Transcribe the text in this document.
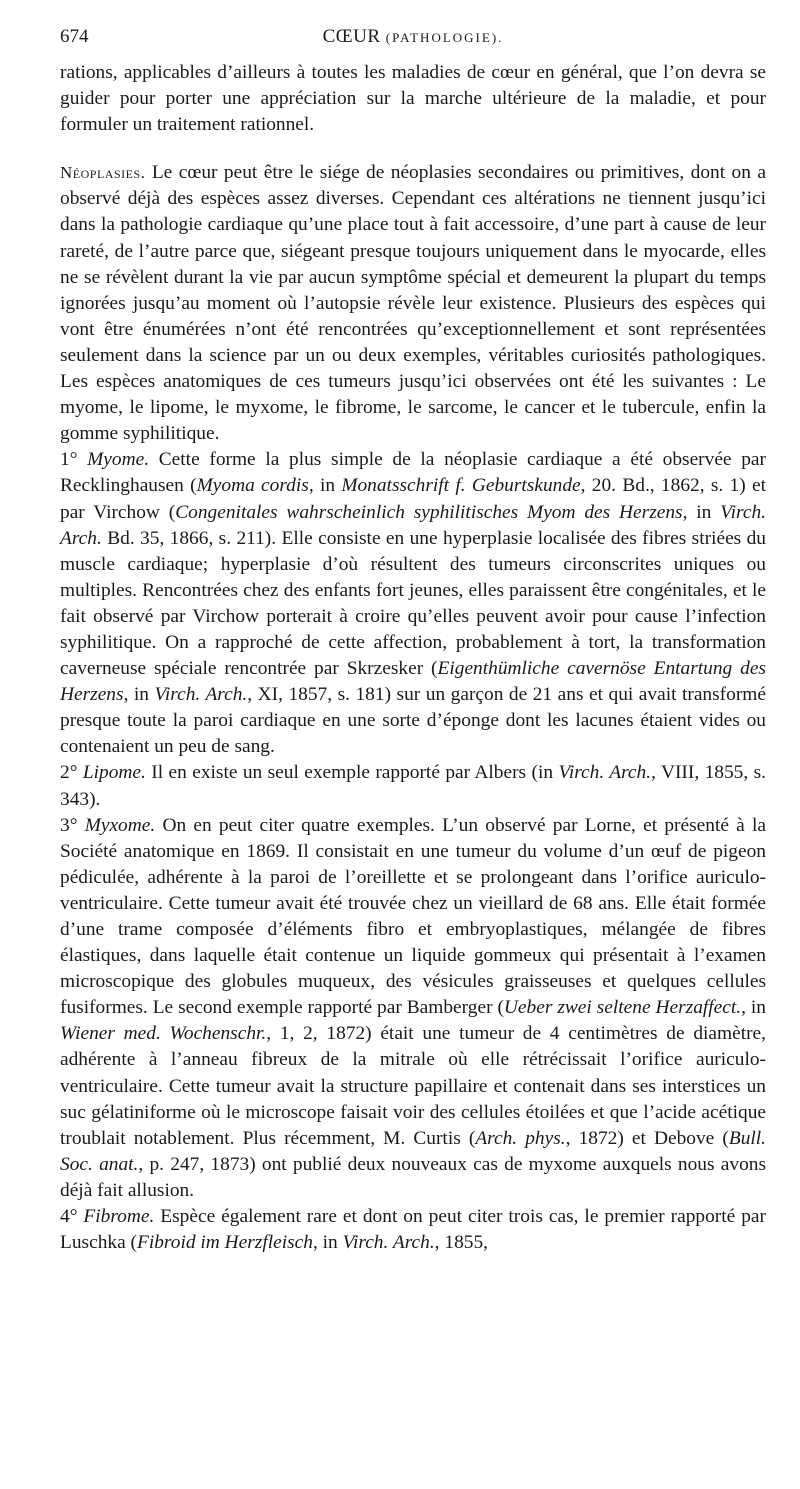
674	CŒUR (PATHOLOGIE).

rations, applicables d’ailleurs à toutes les maladies de cœur en général, que l’on devra se guider pour porter une appréciation sur la marche ultérieure de la maladie, et pour formuler un traitement rationnel.

Néoplasies. Le cœur peut être le siége de néoplasies secondaires ou primitives, dont on a observé déjà des espèces assez diverses. Cependant ces altérations ne tiennent jusqu’ici dans la pathologie cardiaque qu’une place tout à fait accessoire, d’une part à cause de leur rareté, de l’autre parce que, siégeant presque toujours uniquement dans le myocarde, elles ne se révèlent durant la vie par aucun symptôme spécial et demeurent la plupart du temps ignorées jusqu’au moment où l’autopsie révèle leur existence. Plusieurs des espèces qui vont être énumérées n’ont été rencontrées qu’exceptionnellement et sont représentées seulement dans la science par un ou deux exemples, véritables curiosités pathologiques. Les espèces anatomiques de ces tumeurs jusqu’ici observées ont été les suivantes : Le myome, le lipome, le myxome, le fibrome, le sarcome, le cancer et le tubercule, enfin la gomme syphilitique.

1° Myome. Cette forme la plus simple de la néoplasie cardiaque a été observée par Recklinghausen (Myoma cordis, in Monatsschrift f. Geburtskunde, 20. Bd., 1862, s. 1) et par Virchow (Congenitales wahrscheinlich syphilitisches Myom des Herzens, in Virch. Arch. Bd. 35, 1866, s. 211). Elle consiste en une hyperplasie localisée des fibres striées du muscle cardiaque; hyperplasie d’où résultent des tumeurs circonscrites uniques ou multiples. Rencontrées chez des enfants fort jeunes, elles paraissent être congénitales, et le fait observé par Virchow porterait à croire qu’elles peuvent avoir pour cause l’infection syphilitique. On a rapproché de cette affection, probablement à tort, la transformation caverneuse spéciale rencontrée par Skrzesker (Eigenthümliche cavernöse Entartung des Herzens, in Virch. Arch., XI, 1857, s. 181) sur un garçon de 21 ans et qui avait transformé presque toute la paroi cardiaque en une sorte d’éponge dont les lacunes étaient vides ou contenaient un peu de sang.

2° Lipome. Il en existe un seul exemple rapporté par Albers (in Virch. Arch., VIII, 1855, s. 343).

3° Myxome. On en peut citer quatre exemples. L’un observé par Lorne, et présenté à la Société anatomique en 1869. Il consistait en une tumeur du volume d’un œuf de pigeon pédiculée, adhérente à la paroi de l’oreillette et se prolongeant dans l’orifice auriculo-ventriculaire. Cette tumeur avait été trouvée chez un vieillard de 68 ans. Elle était formée d’une trame composée d’éléments fibro et embryoplastiques, mélangée de fibres élastiques, dans laquelle était contenue un liquide gommeux qui présentait à l’examen microscopique des globules muqueux, des vésicules graisseuses et quelques cellules fusiformes. Le second exemple rapporté par Bamberger (Ueber zwei seltene Herzaffect., in Wiener med. Wochenschr., 1, 2, 1872) était une tumeur de 4 centimètres de diamètre, adhérente à l’anneau fibreux de la mitrale où elle rétrécissait l’orifice auriculo-ventriculaire. Cette tumeur avait la structure papillaire et contenait dans ses interstices un suc gélatiniforme où le microscope faisait voir des cellules étoilées et que l’acide acétique troublait notablement. Plus récemment, M. Curtis (Arch. phys., 1872) et Debove (Bull. Soc. anat., p. 247, 1873) ont publié deux nouveaux cas de myxome auxquels nous avons déjà fait allusion.

4° Fibrome. Espèce également rare et dont on peut citer trois cas, le premier rapporté par Luschka (Fibroid im Herzfleisch, in Virch. Arch., 1855,
